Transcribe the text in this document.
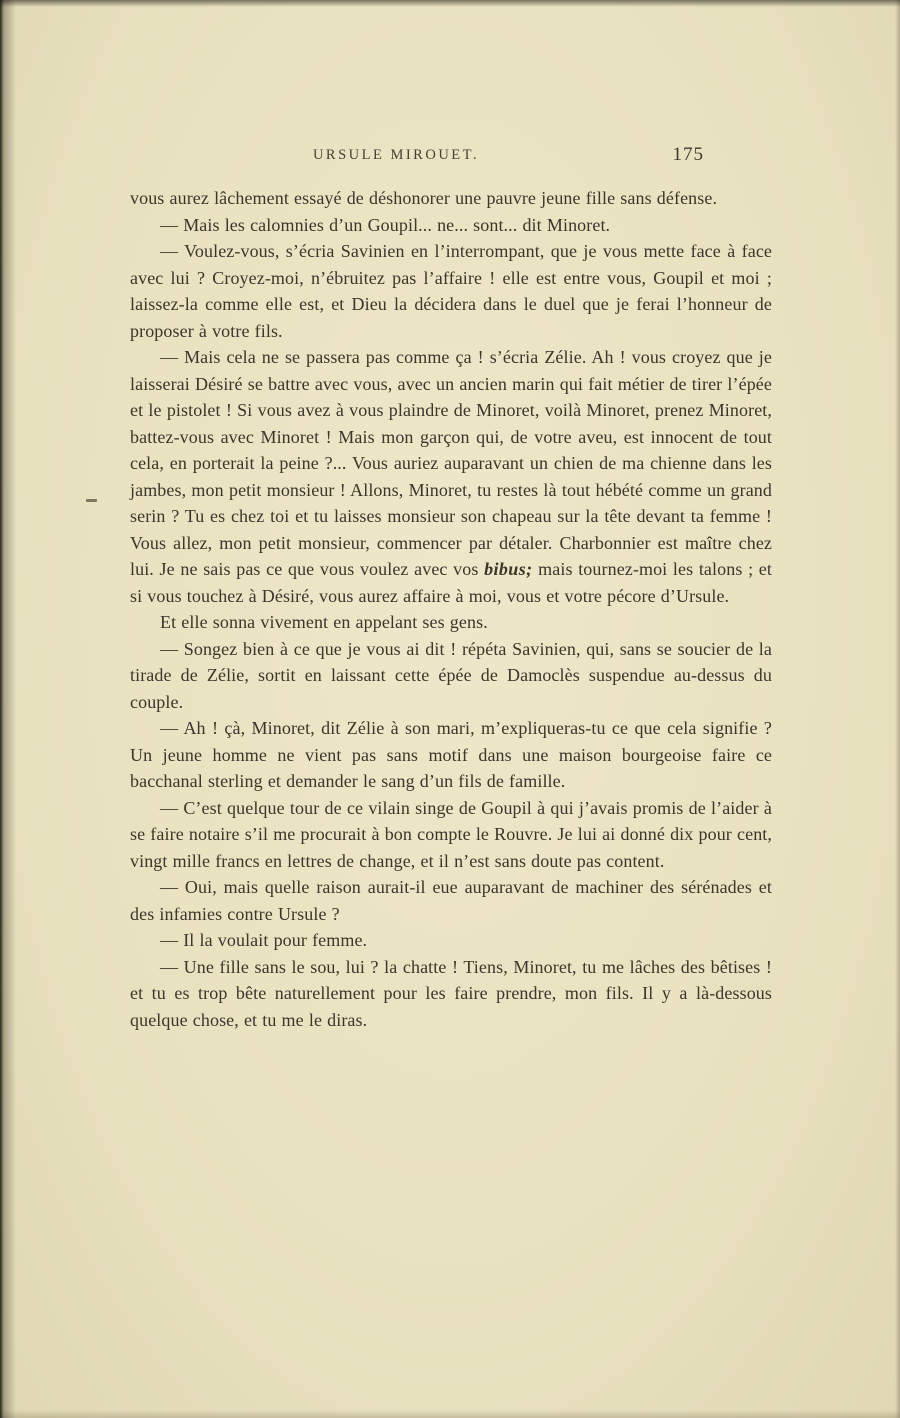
URSULE MIROUET.	175

vous aurez lâchement essayé de déshonorer une pauvre jeune fille sans défense.

— Mais les calomnies d’un Goupil... ne... sont... dit Minoret.

— Voulez-vous, s’écria Savinien en l’interrompant, que je vous mette face à face avec lui ? Croyez-moi, n’ébruitez pas l’affaire ! elle est entre vous, Goupil et moi ; laissez-la comme elle est, et Dieu la décidera dans le duel que je ferai l’honneur de proposer à votre fils.

— Mais cela ne se passera pas comme ça ! s’écria Zélie. Ah ! vous croyez que je laisserai Désiré se battre avec vous, avec un ancien marin qui fait métier de tirer l’épée et le pistolet ! Si vous avez à vous plaindre de Minoret, voilà Minoret, prenez Minoret, battez-vous avec Minoret ! Mais mon garçon qui, de votre aveu, est innocent de tout cela, en porterait la peine ?... Vous auriez auparavant un chien de ma chienne dans les jambes, mon petit monsieur ! Allons, Minoret, tu restes là tout hébété comme un grand serin ? Tu es chez toi et tu laisses monsieur son chapeau sur la tête devant ta femme ! Vous allez, mon petit monsieur, commencer par détaler. Charbonnier est maître chez lui. Je ne sais pas ce que vous voulez avec vos bibus; mais tournez-moi les talons ; et si vous touchez à Désiré, vous aurez affaire à moi, vous et votre pécore d’Ursule.

Et elle sonna vivement en appelant ses gens.

— Songez bien à ce que je vous ai dit ! répéta Savinien, qui, sans se soucier de la tirade de Zélie, sortit en laissant cette épée de Damoclès suspendue au-dessus du couple.

— Ah ! çà, Minoret, dit Zélie à son mari, m’expliqueras-tu ce que cela signifie ? Un jeune homme ne vient pas sans motif dans une maison bourgeoise faire ce bacchanal sterling et demander le sang d’un fils de famille.

— C’est quelque tour de ce vilain singe de Goupil à qui j’avais promis de l’aider à se faire notaire s’il me procurait à bon compte le Rouvre. Je lui ai donné dix pour cent, vingt mille francs en lettres de change, et il n’est sans doute pas content.

— Oui, mais quelle raison aurait-il eue auparavant de machiner des sérénades et des infamies contre Ursule ?

— Il la voulait pour femme.

— Une fille sans le sou, lui ? la chatte ! Tiens, Minoret, tu me lâches des bêtises ! et tu es trop bête naturellement pour les faire prendre, mon fils. Il y a là-dessous quelque chose, et tu me le diras.
